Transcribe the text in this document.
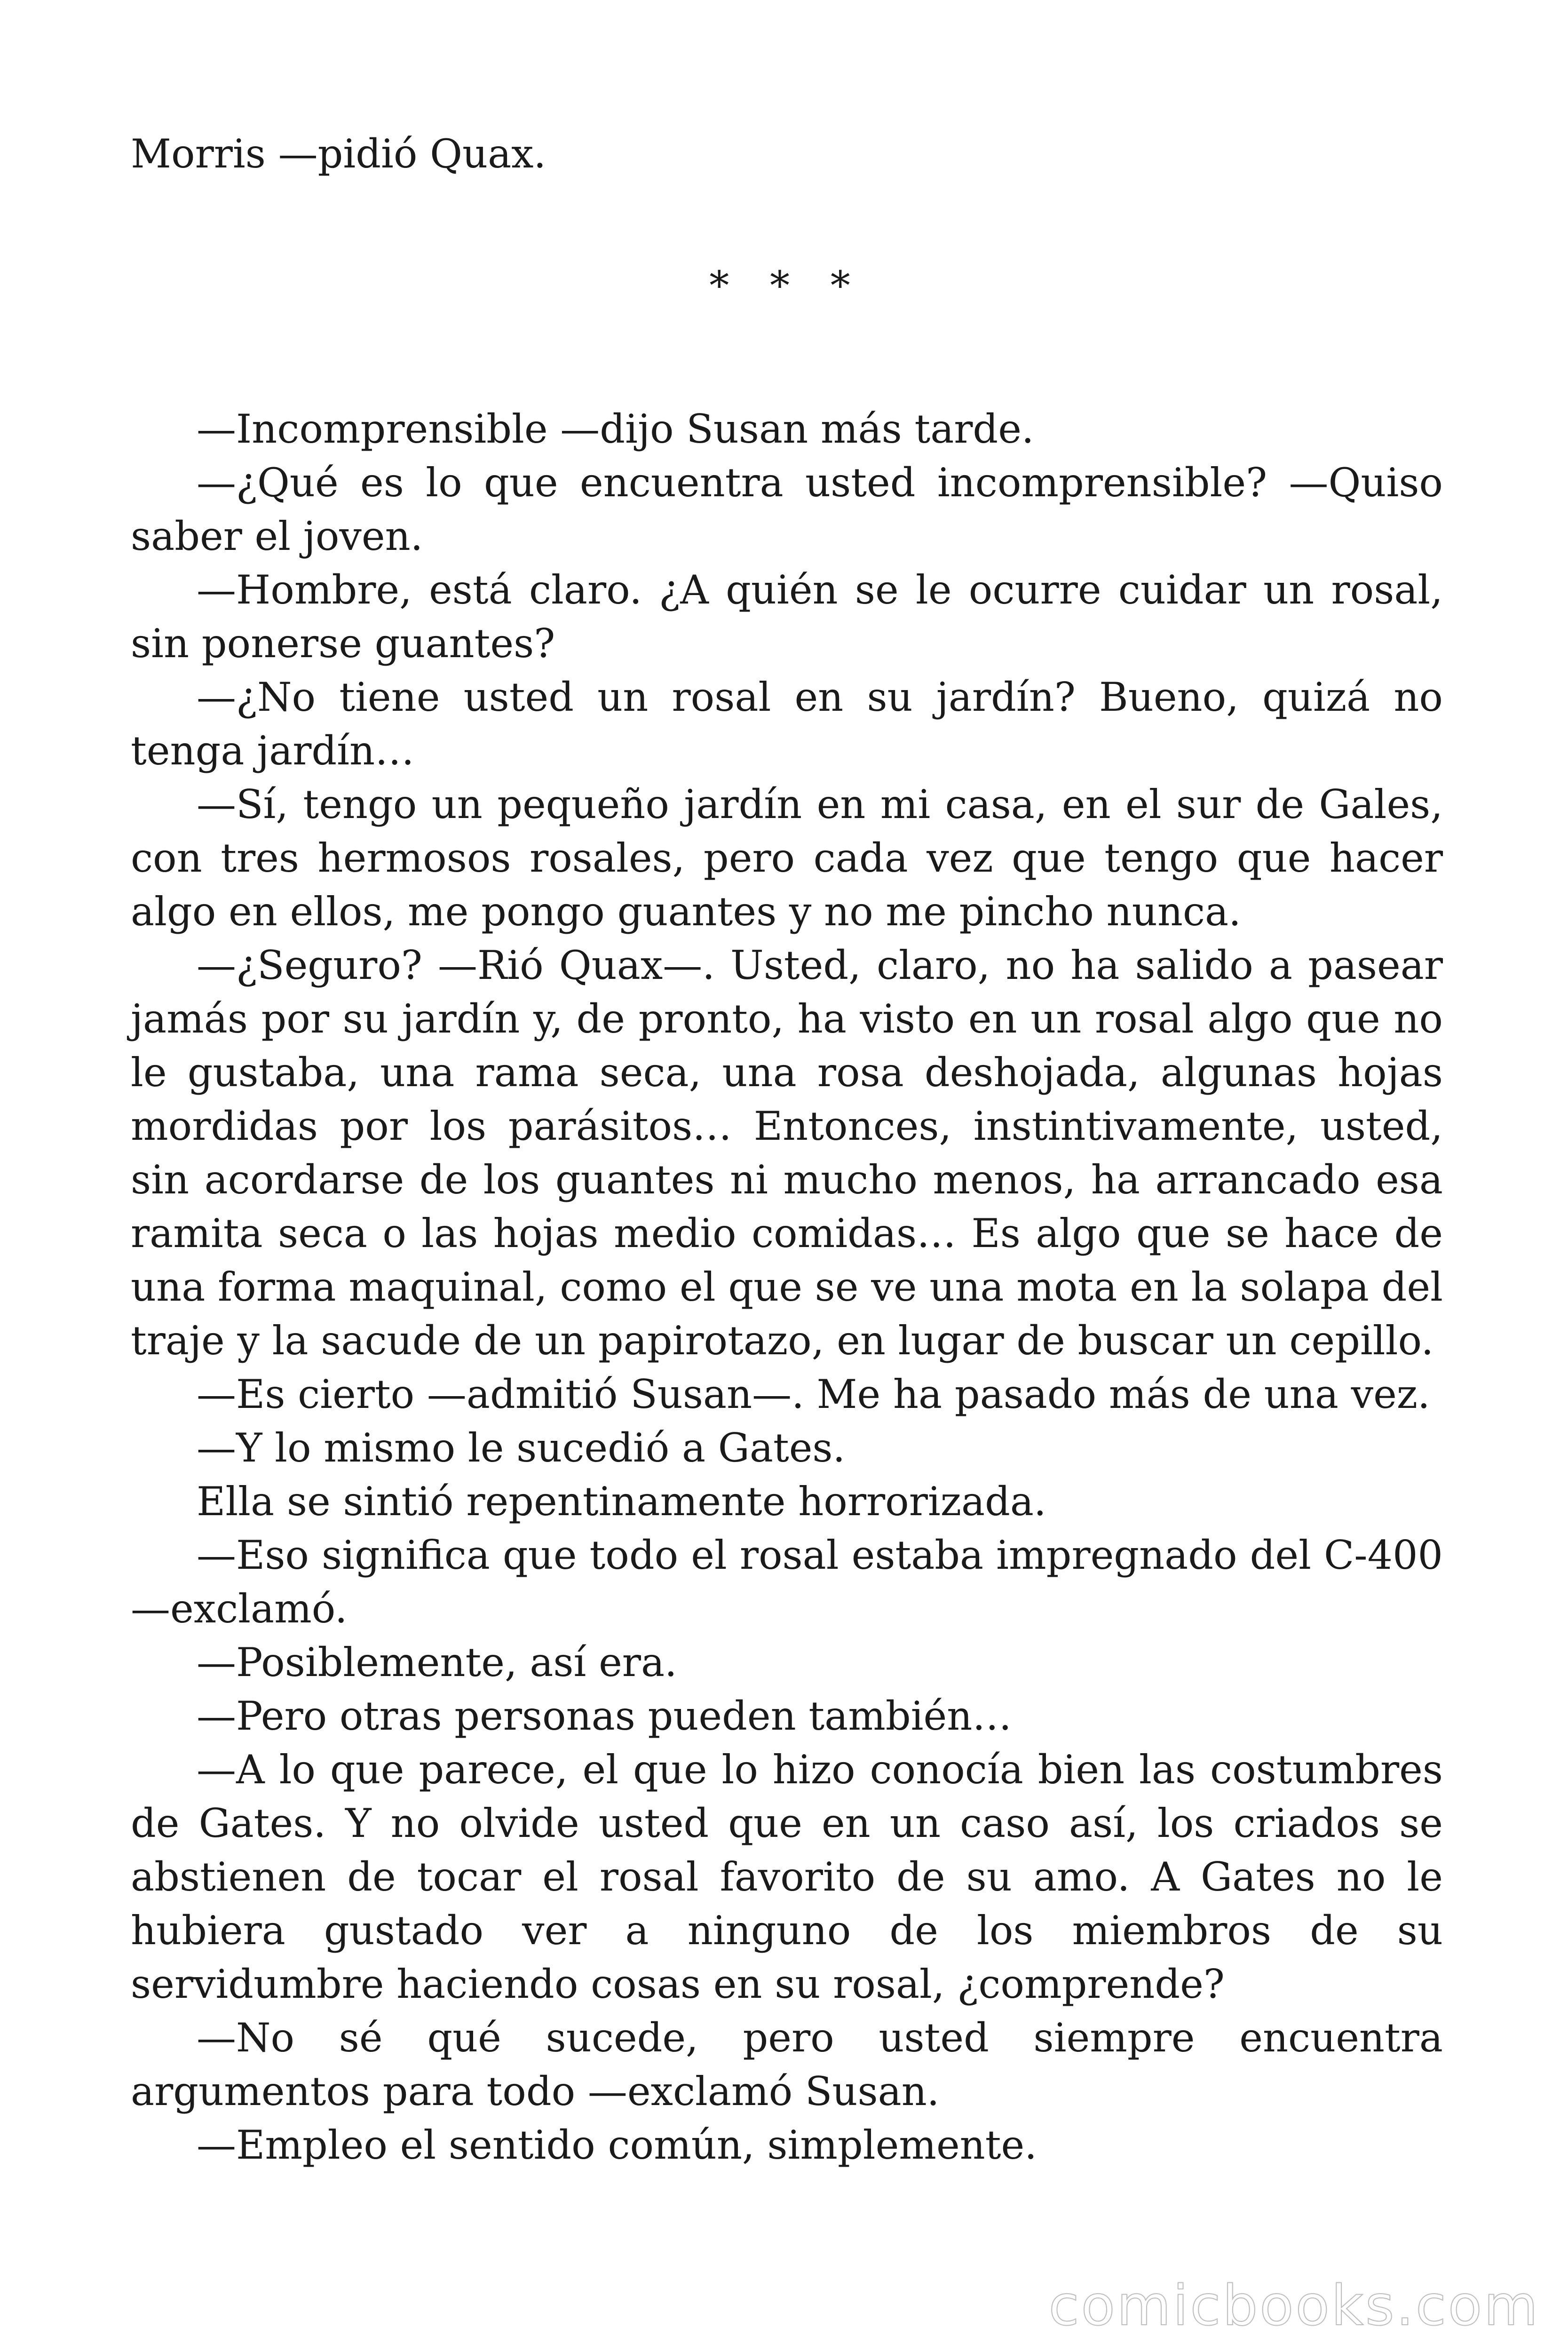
Morris —pidió Quax.

* * *

—Incomprensible —dijo Susan más tarde.

—¿Qué es lo que encuentra usted incomprensible? —Quiso saber el joven.

—Hombre, está claro. ¿A quién se le ocurre cuidar un rosal, sin ponerse guantes?

—¿No tiene usted un rosal en su jardín? Bueno, quizá no tenga jardín…

—Sí, tengo un pequeño jardín en mi casa, en el sur de Gales, con tres hermosos rosales, pero cada vez que tengo que hacer algo en ellos, me pongo guantes y no me pincho nunca.

—¿Seguro? —Rió Quax—. Usted, claro, no ha salido a pasear jamás por su jardín y, de pronto, ha visto en un rosal algo que no le gustaba, una rama seca, una rosa deshojada, algunas hojas mordidas por los parásitos… Entonces, instintivamente, usted, sin acordarse de los guantes ni mucho menos, ha arrancado esa ramita seca o las hojas medio comidas… Es algo que se hace de una forma maquinal, como el que se ve una mota en la solapa del traje y la sacude de un papirotazo, en lugar de buscar un cepillo.

—Es cierto —admitió Susan—. Me ha pasado más de una vez.

—Y lo mismo le sucedió a Gates.

Ella se sintió repentinamente horrorizada.

—Eso significa que todo el rosal estaba impregnado del C-400 —exclamó.

—Posiblemente, así era.

—Pero otras personas pueden también…

—A lo que parece, el que lo hizo conocía bien las costumbres de Gates. Y no olvide usted que en un caso así, los criados se abstienen de tocar el rosal favorito de su amo. A Gates no le hubiera gustado ver a ninguno de los miembros de su servidumbre haciendo cosas en su rosal, ¿comprende?

—No sé qué sucede, pero usted siempre encuentra argumentos para todo —exclamó Susan.

—Empleo el sentido común, simplemente.

comicbooks.com
